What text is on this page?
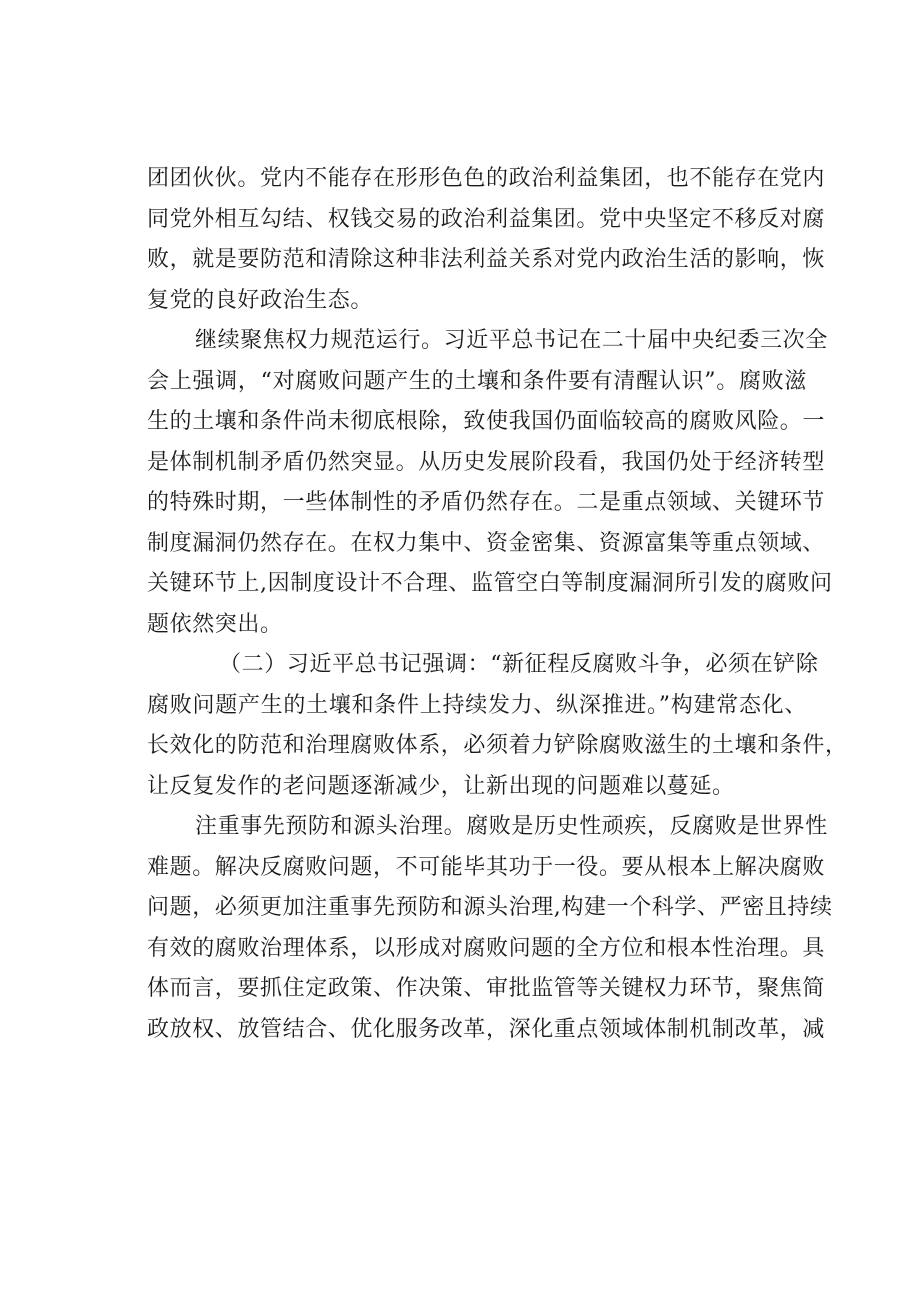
团团伙伙。党内不能存在形形色色的政治利益集团，也不能存在党内
同党外相互勾结、权钱交易的政治利益集团。党中央坚定不移反对腐
败，就是要防范和清除这种非法利益关系对党内政治生活的影响，恢
复党的良好政治生态。

继续聚焦权力规范运行。习近平总书记在二十届中央纪委三次全
会上强调，“对腐败问题产生的土壤和条件要有清醒认识”。腐败滋
生的土壤和条件尚未彻底根除，致使我国仍面临较高的腐败风险。一
是体制机制矛盾仍然突显。从历史发展阶段看，我国仍处于经济转型
的特殊时期，一些体制性的矛盾仍然存在。二是重点领域、关键环节
制度漏洞仍然存在。在权力集中、资金密集、资源富集等重点领域、
关键环节上,因制度设计不合理、监管空白等制度漏洞所引发的腐败问
题依然突出。

（二）习近平总书记强调：“新征程反腐败斗争，必须在铲除
腐败问题产生的土壤和条件上持续发力、纵深推进。”构建常态化、
长效化的防范和治理腐败体系，必须着力铲除腐败滋生的土壤和条件，
让反复发作的老问题逐渐减少，让新出现的问题难以蔓延。

注重事先预防和源头治理。腐败是历史性顽疾，反腐败是世界性
难题。解决反腐败问题，不可能毕其功于一役。要从根本上解决腐败
问题，必须更加注重事先预防和源头治理,构建一个科学、严密且持续
有效的腐败治理体系，以形成对腐败问题的全方位和根本性治理。具
体而言，要抓住定政策、作决策、审批监管等关键权力环节，聚焦简
政放权、放管结合、优化服务改革，深化重点领域体制机制改革，减
